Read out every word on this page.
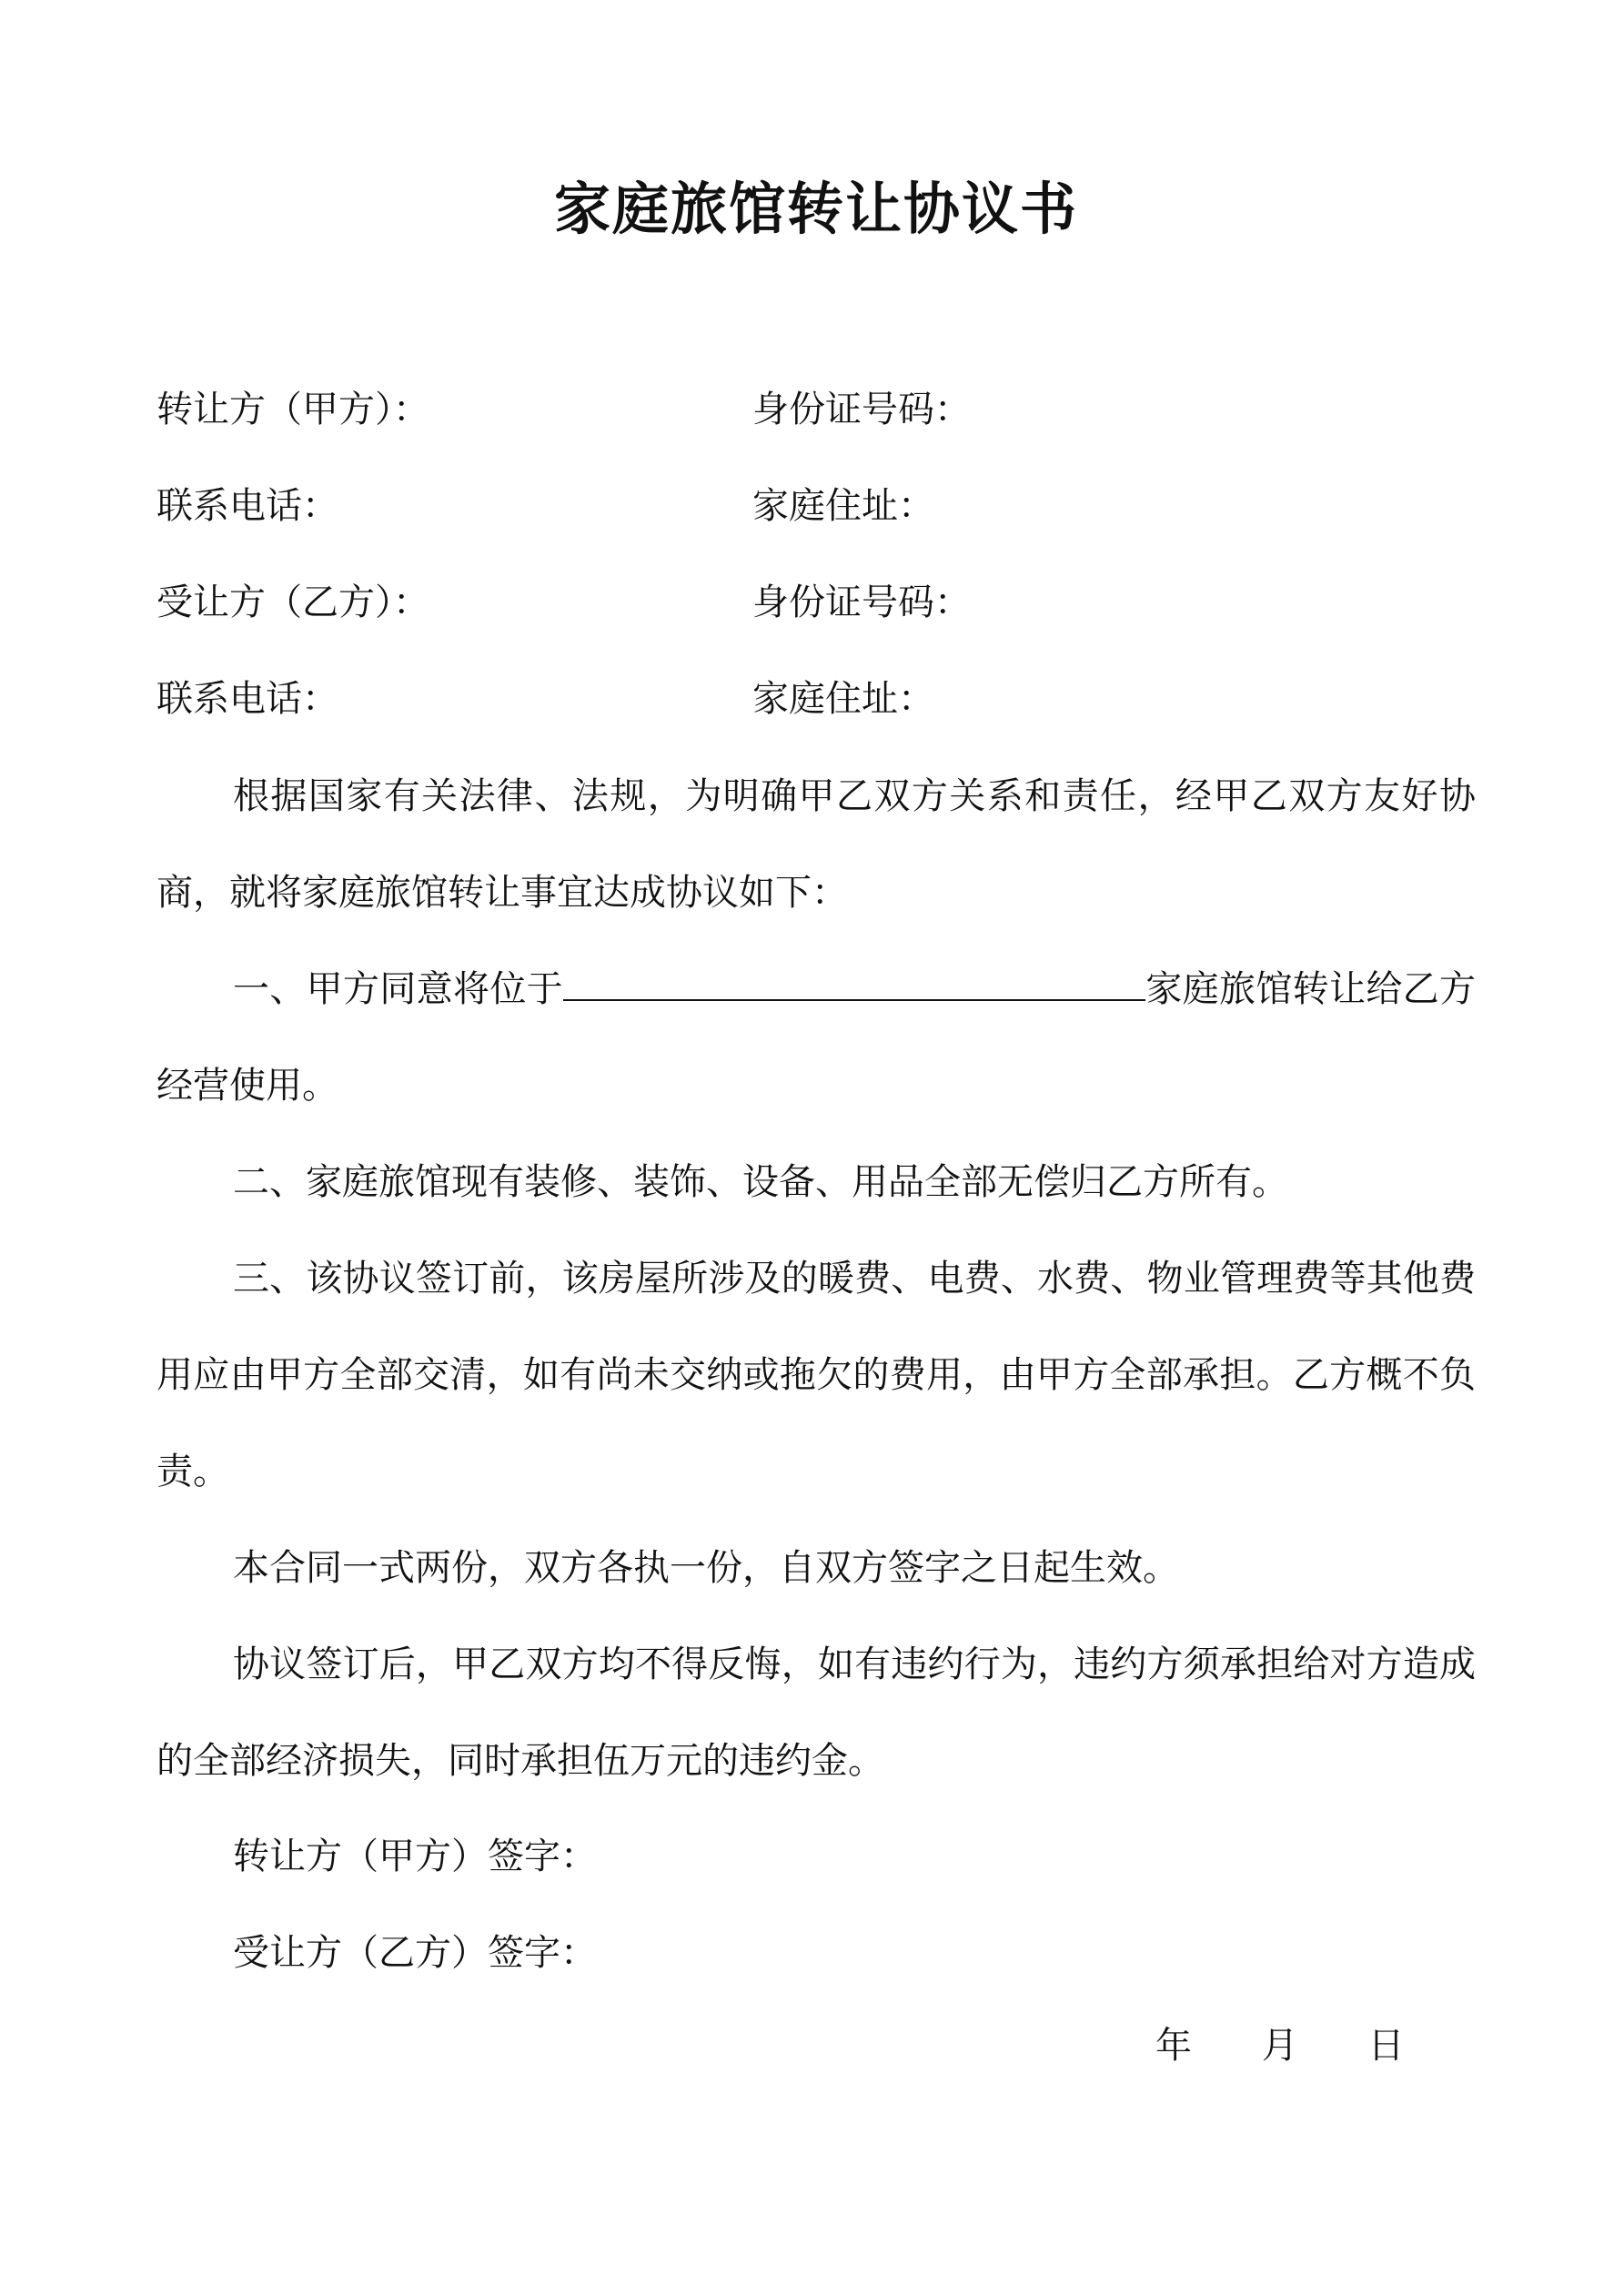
家庭旅馆转让协议书
转让方（甲方）：	身份证号码：
联系电话：	家庭住址：
受让方（乙方）：	身份证号码：
联系电话：	家庭住址：

根据国家有关法律、法规，为明确甲乙双方关系和责任，经甲乙双方友好协商，就将家庭旅馆转让事宜达成协议如下：

一、甲方同意将位于	家庭旅馆转让给乙方经营使用。

二、家庭旅馆现有装修、装饰、设备、用品全部无偿归乙方所有。

三、该协议签订前，该房屋所涉及的暖费、电费、水费、物业管理费等其他费用应由甲方全部交清，如有尚未交纳或拖欠的费用，由甲方全部承担。乙方概不负责。

本合同一式两份，双方各执一份，自双方签字之日起生效。

协议签订后，甲乙双方均不得反悔，如有违约行为，违约方须承担给对方造成的全部经济损失，同时承担伍万元的违约金。

转让方（甲方）签字：
受让方（乙方）签字：
年 月 日
